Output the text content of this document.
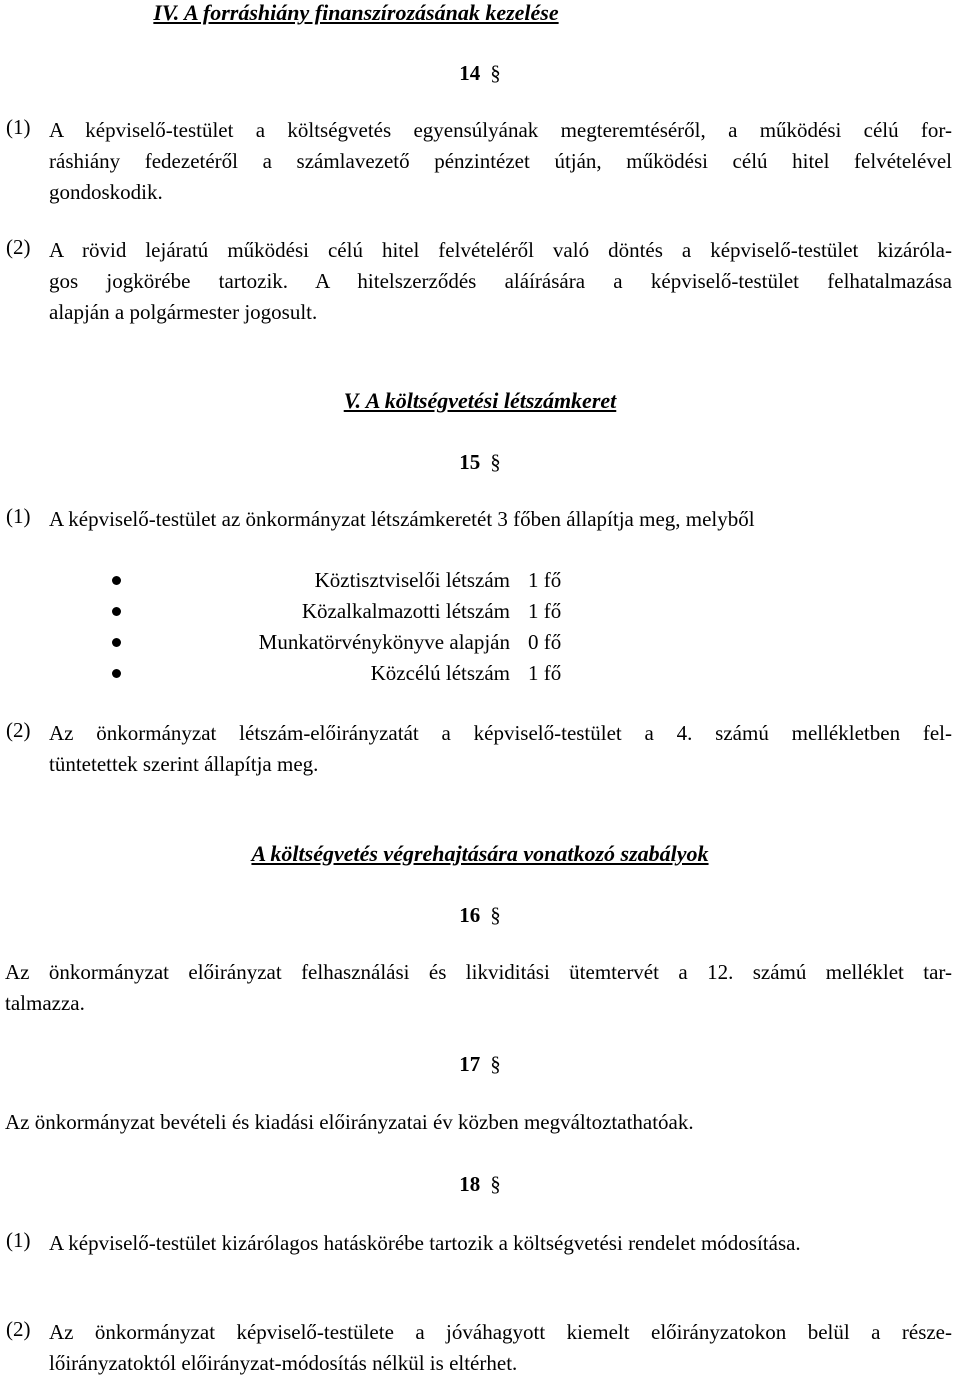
IV. A forráshiány finanszírozásának kezelése
14 §
(1) A képviselő-testület a költségvetés egyensúlyának megteremtéséről, a működési célú for-
ráshiány fedezetéről a számlavezető pénzintézet útján, működési célú hitel felvételével
gondoskodik.
(2) A rövid lejáratú működési célú hitel felvételéről való döntés a képviselő-testület kizáróla-
gos jogkörébe tartozik. A hitelszerződés aláírására a képviselő-testület felhatalmazása
alapján a polgármester jogosult.
V. A költségvetési létszámkeret
15 §
(1) A képviselő-testület az önkormányzat létszámkeretét 3 főben állapítja meg, melyből
Köztisztviselői létszám 1 fő
Közalkalmazotti létszám 1 fő
Munkatörvénykönyve alapján 0 fő
Közcélú létszám 1 fő
(2) Az önkormányzat létszám-előirányzatát a képviselő-testület a 4. számú mellékletben fel-
tüntetettek szerint állapítja meg.
A költségvetés végrehajtására vonatkozó szabályok
16 §
Az önkormányzat előirányzat felhasználási és likviditási ütemtervét a 12. számú melléklet tar-
talmazza.
17 §
Az önkormányzat bevételi és kiadási előirányzatai év közben megváltoztathatóak.
18 §
(1) A képviselő-testület kizárólagos hatáskörébe tartozik a költségvetési rendelet módosítása.
(2) Az önkormányzat képviselő-testülete a jóváhagyott kiemelt előirányzatokon belül a része-
lőirányzatoktól előirányzat-módosítás nélkül is eltérhet.
